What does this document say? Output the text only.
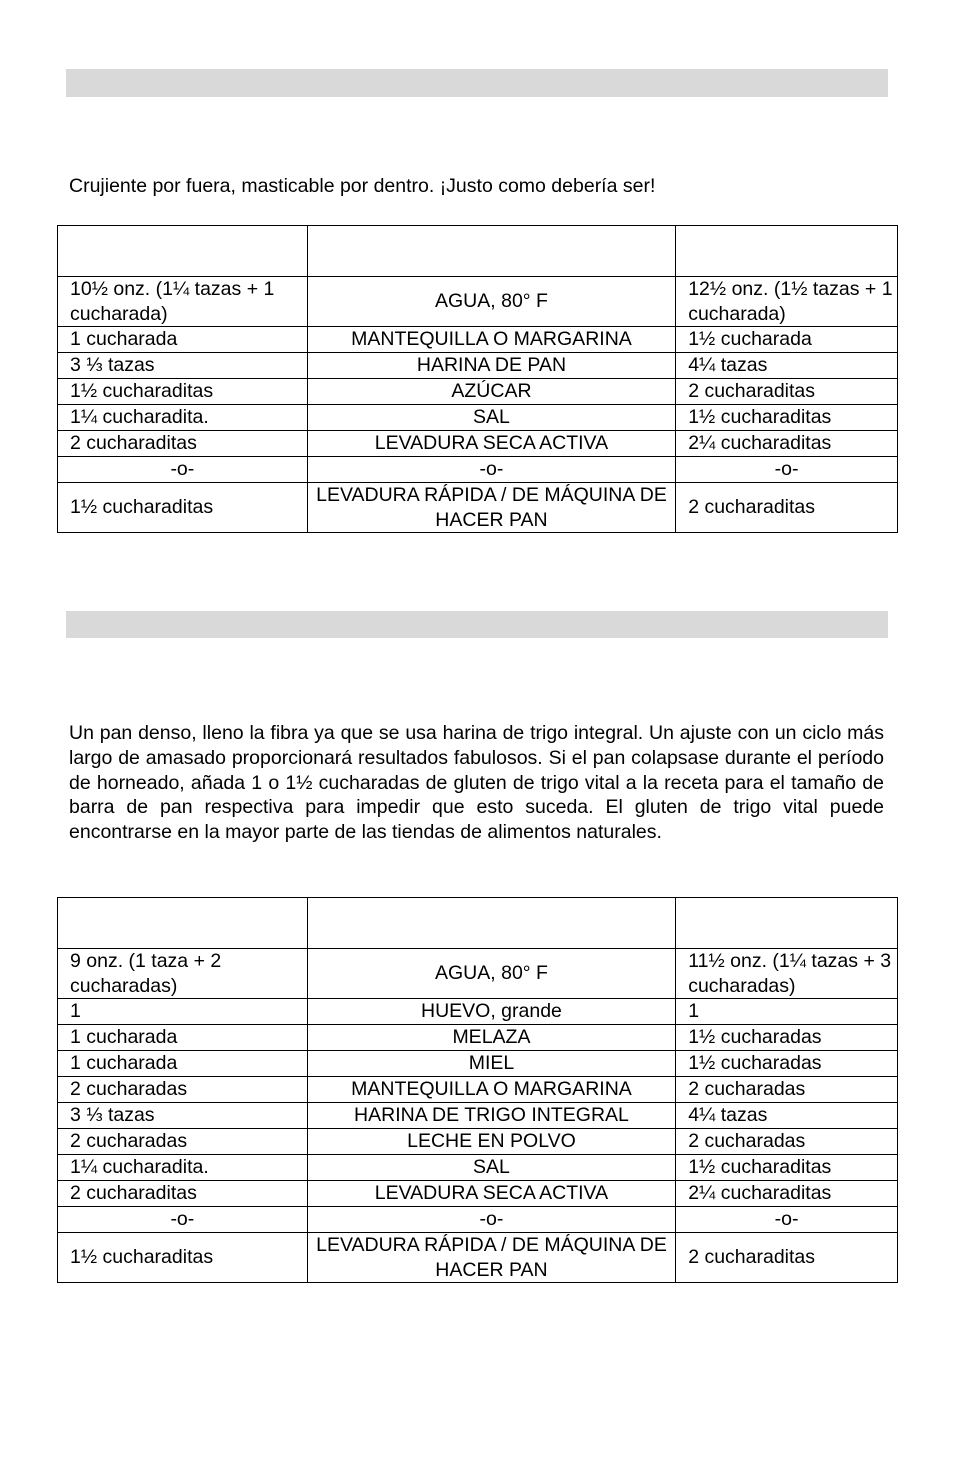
Crujiente por fuera, masticable por dentro. ¡Justo como debería ser!

10½ onz. (1¼ tazas + 1 cucharada)	AGUA, 80° F	12½ onz. (1½ tazas + 1 cucharada)
1 cucharada	MANTEQUILLA O MARGARINA	1½ cucharada
3 ⅓ tazas	HARINA DE PAN	4¼ tazas
1½ cucharaditas	AZÚCAR	2 cucharaditas
1¼ cucharadita.	SAL	1½ cucharaditas
2 cucharaditas	LEVADURA SECA ACTIVA	2¼ cucharaditas
-o-	-o-	-o-
1½ cucharaditas	LEVADURA RÁPIDA / DE MÁQUINA DE HACER PAN	2 cucharaditas
Un pan denso, lleno la fibra ya que se usa harina de trigo integral. Un ajuste con un ciclo más largo de amasado proporcionará resultados fabulosos. Si el pan colapsase durante el período de horneado, añada 1 o 1½ cucharadas de gluten de trigo vital a la receta para el tamaño de barra de pan respectiva para impedir que esto suceda. El gluten de trigo vital puede encontrarse en la mayor parte de las tiendas de alimentos naturales.

9 onz. (1 taza + 2 cucharadas)	AGUA, 80° F	11½ onz. (1¼ tazas + 3 cucharadas)
1	HUEVO, grande	1
1 cucharada	MELAZA	1½ cucharadas
1 cucharada	MIEL	1½ cucharadas
2 cucharadas	MANTEQUILLA O MARGARINA	2 cucharadas
3 ⅓ tazas	HARINA DE TRIGO INTEGRAL	4¼ tazas
2 cucharadas	LECHE EN POLVO	2 cucharadas
1¼ cucharadita.	SAL	1½ cucharaditas
2 cucharaditas	LEVADURA SECA ACTIVA	2¼ cucharaditas
-o-	-o-	-o-
1½ cucharaditas	LEVADURA RÁPIDA / DE MÁQUINA DE HACER PAN	2 cucharaditas
